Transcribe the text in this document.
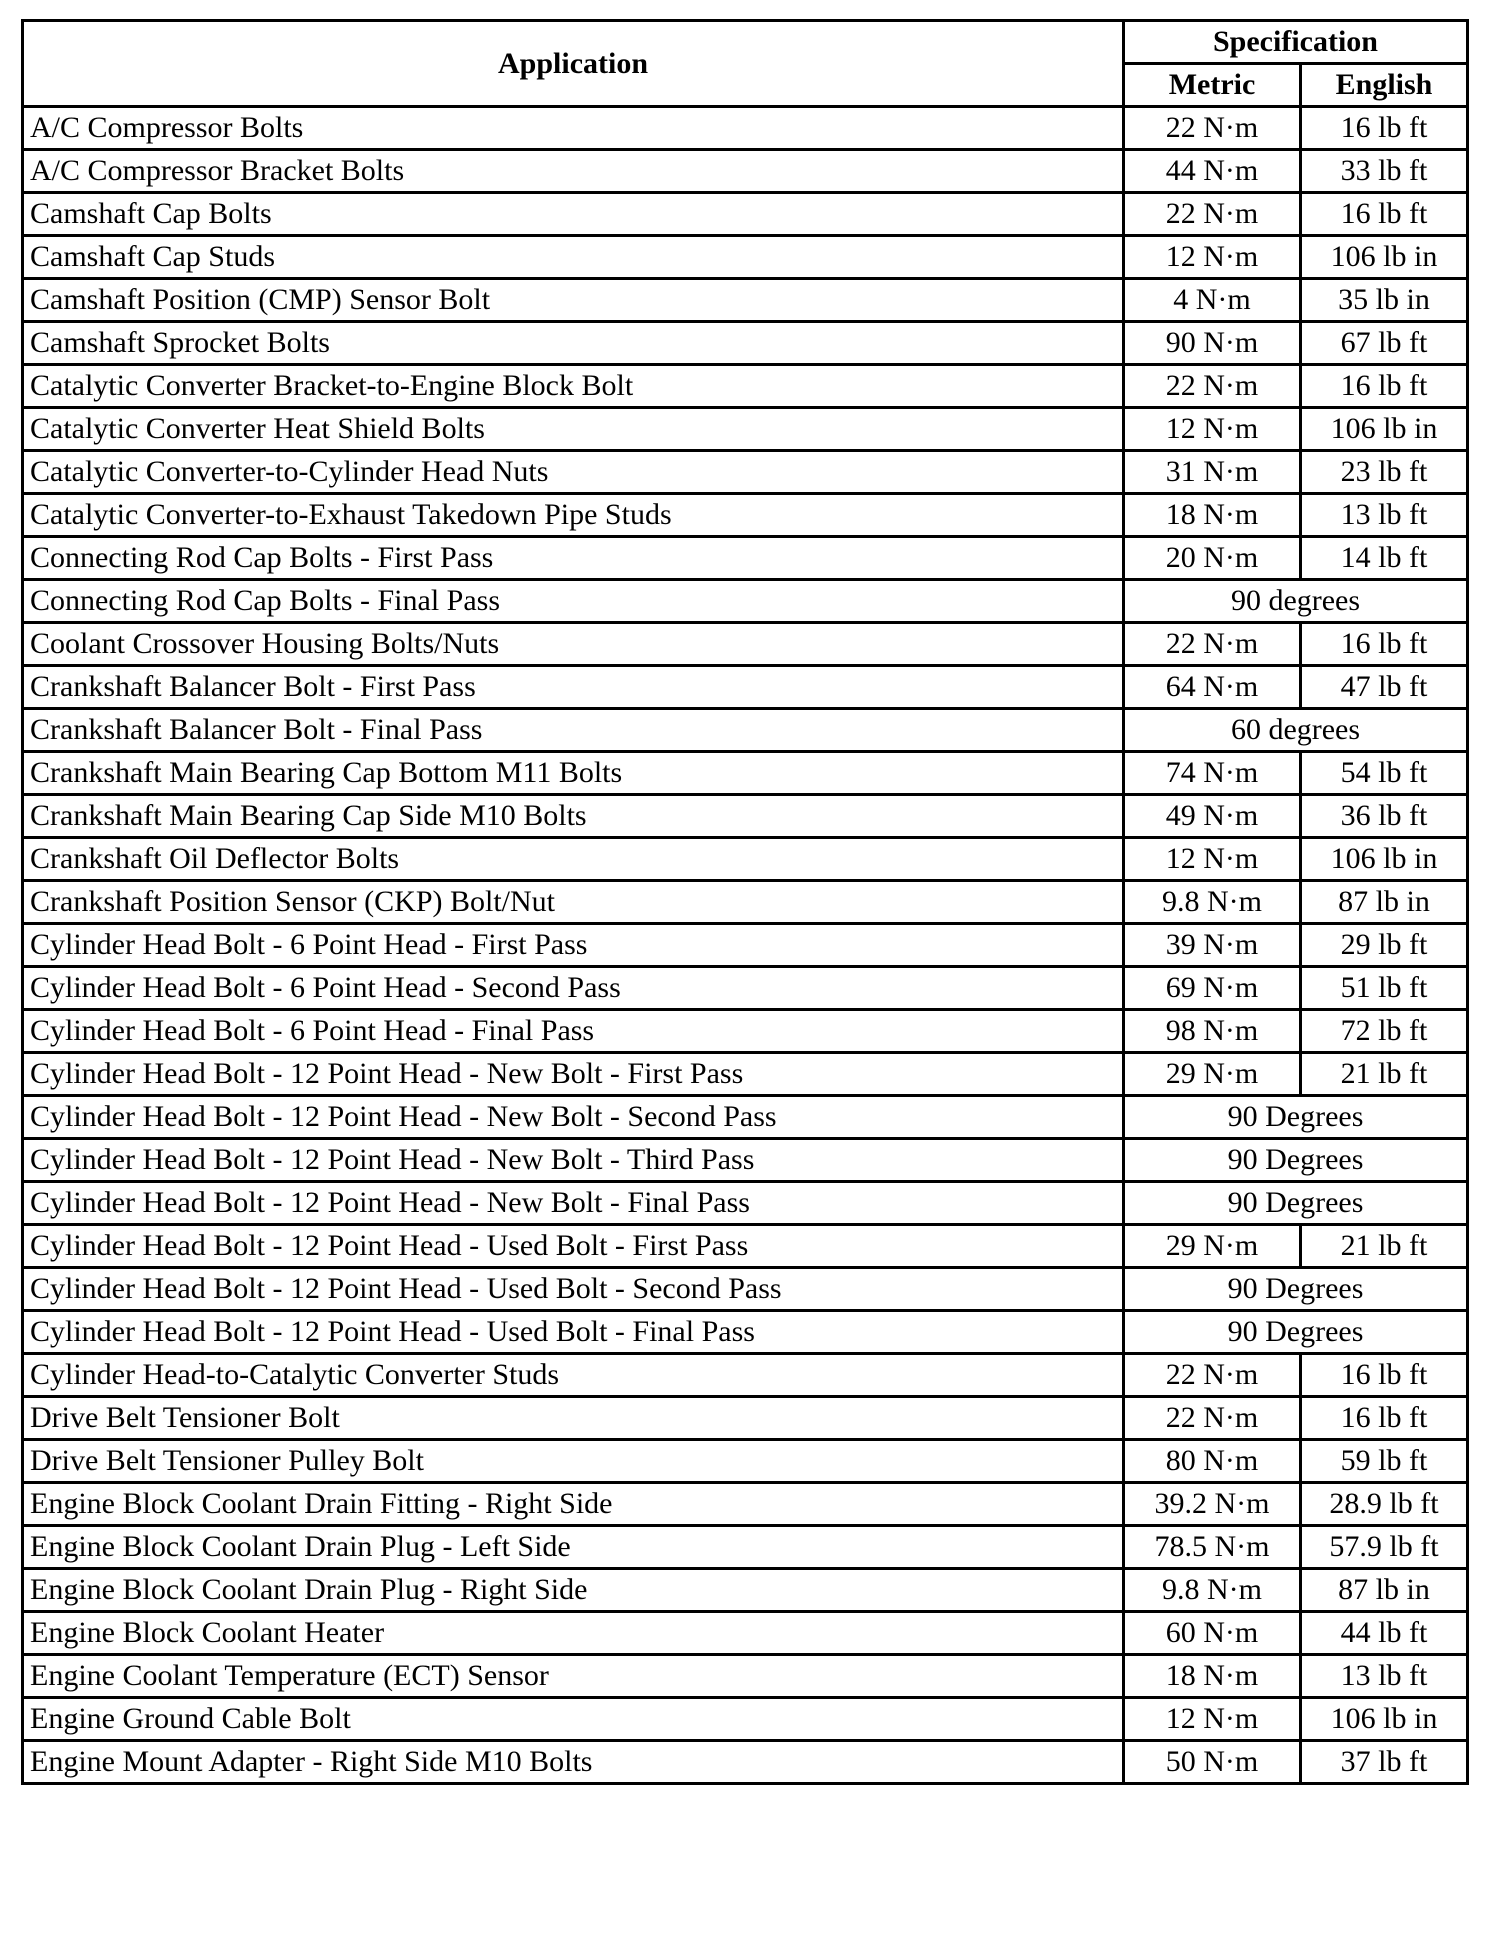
Application	Specification	
	Metric	English
A/C Compressor Bolts	22 N·m	16 lb ft
A/C Compressor Bracket Bolts	44 N·m	33 lb ft
Camshaft Cap Bolts	22 N·m	16 lb ft
Camshaft Cap Studs	12 N·m	106 lb in
Camshaft Position (CMP) Sensor Bolt	4 N·m	35 lb in
Camshaft Sprocket Bolts	90 N·m	67 lb ft
Catalytic Converter Bracket-to-Engine Block Bolt	22 N·m	16 lb ft
Catalytic Converter Heat Shield Bolts	12 N·m	106 lb in
Catalytic Converter-to-Cylinder Head Nuts	31 N·m	23 lb ft
Catalytic Converter-to-Exhaust Takedown Pipe Studs	18 N·m	13 lb ft
Connecting Rod Cap Bolts - First Pass	20 N·m	14 lb ft
Connecting Rod Cap Bolts - Final Pass	90 degrees	
Coolant Crossover Housing Bolts/Nuts	22 N·m	16 lb ft
Crankshaft Balancer Bolt - First Pass	64 N·m	47 lb ft
Crankshaft Balancer Bolt - Final Pass	60 degrees	
Crankshaft Main Bearing Cap Bottom M11 Bolts	74 N·m	54 lb ft
Crankshaft Main Bearing Cap Side M10 Bolts	49 N·m	36 lb ft
Crankshaft Oil Deflector Bolts	12 N·m	106 lb in
Crankshaft Position Sensor (CKP) Bolt/Nut	9.8 N·m	87 lb in
Cylinder Head Bolt - 6 Point Head - First Pass	39 N·m	29 lb ft
Cylinder Head Bolt - 6 Point Head - Second Pass	69 N·m	51 lb ft
Cylinder Head Bolt - 6 Point Head - Final Pass	98 N·m	72 lb ft
Cylinder Head Bolt - 12 Point Head - New Bolt - First Pass	29 N·m	21 lb ft
Cylinder Head Bolt - 12 Point Head - New Bolt - Second Pass	90 Degrees	
Cylinder Head Bolt - 12 Point Head - New Bolt - Third Pass	90 Degrees	
Cylinder Head Bolt - 12 Point Head - New Bolt - Final Pass	90 Degrees	
Cylinder Head Bolt - 12 Point Head - Used Bolt - First Pass	29 N·m	21 lb ft
Cylinder Head Bolt - 12 Point Head - Used Bolt - Second Pass	90 Degrees	
Cylinder Head Bolt - 12 Point Head - Used Bolt - Final Pass	90 Degrees	
Cylinder Head-to-Catalytic Converter Studs	22 N·m	16 lb ft
Drive Belt Tensioner Bolt	22 N·m	16 lb ft
Drive Belt Tensioner Pulley Bolt	80 N·m	59 lb ft
Engine Block Coolant Drain Fitting - Right Side	39.2 N·m	28.9 lb ft
Engine Block Coolant Drain Plug - Left Side	78.5 N·m	57.9 lb ft
Engine Block Coolant Drain Plug - Right Side	9.8 N·m	87 lb in
Engine Block Coolant Heater	60 N·m	44 lb ft
Engine Coolant Temperature (ECT) Sensor	18 N·m	13 lb ft
Engine Ground Cable Bolt	12 N·m	106 lb in
Engine Mount Adapter - Right Side M10 Bolts	50 N·m	37 lb ft
